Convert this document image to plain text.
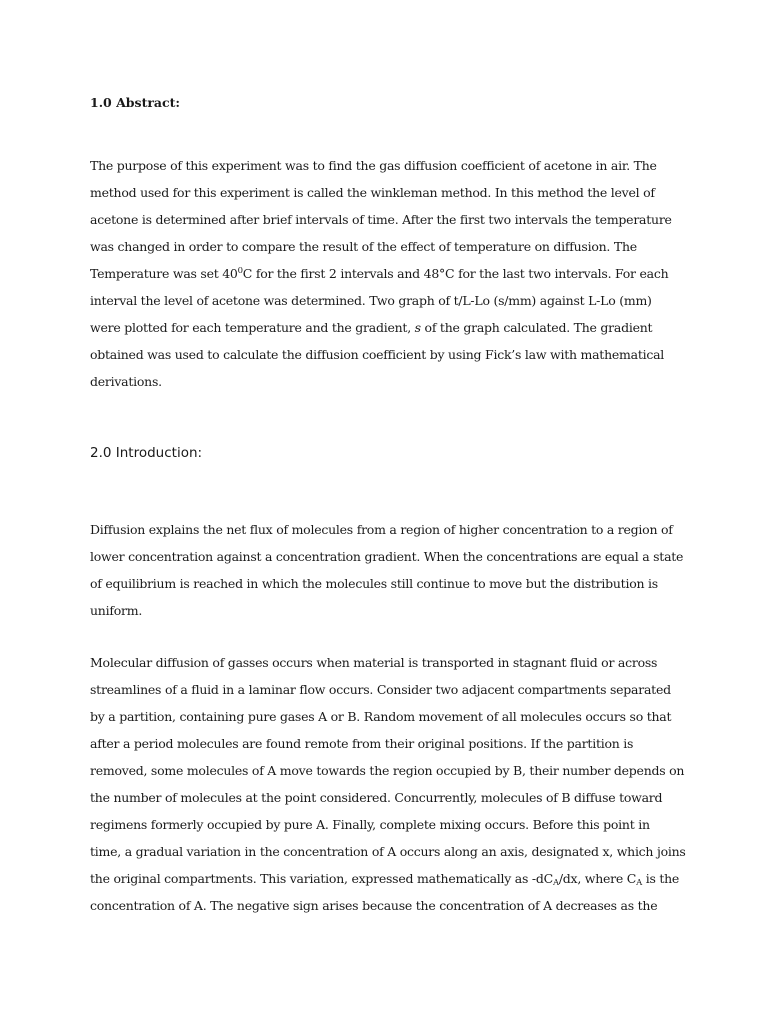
1.0 Abstract:
The purpose of this experiment was to find the gas diffusion coefficient of acetone in air. The
method used for this experiment is called the winkleman method. In this method the level of
acetone is determined after brief intervals of time. After the first two intervals the temperature
was changed in order to compare the result of the effect of temperature on diffusion. The
Temperature was set $40^0C$ for the first 2 intervals and 48°C for the last two intervals. For each
interval the level of acetone was determined. Two graph of t/L-Lo (s/mm) against L-Lo (mm)
were plotted for each temperature and the gradient, s of the graph calculated. The gradient
obtained was used to calculate the diffusion coefficient by using Fick’s law with mathematical
derivations.
2.0 Introduction:
Diffusion explains the net flux of molecules from a region of higher concentration to a region of
lower concentration against a concentration gradient. When the concentrations are equal a state
of equilibrium is reached in which the molecules still continue to move but the distribution is
uniform.
Molecular diffusion of gasses occurs when material is transported in stagnant fluid or across
streamlines of a fluid in a laminar flow occurs. Consider two adjacent compartments separated
by a partition, containing pure gases A or B. Random movement of all molecules occurs so that
after a period molecules are found remote from their original positions. If the partition is
removed, some molecules of A move towards the region occupied by B, their number depends on
the number of molecules at the point considered. Concurrently, molecules of B diffuse toward
regimens formerly occupied by pure A. Finally, complete mixing occurs. Before this point in
time, a gradual variation in the concentration of A occurs along an axis, designated x, which joins
the original compartments. This variation, expressed mathematically as $-dC_A/dx$, where $C_A$ is the
concentration of A. The negative sign arises because the concentration of A decreases as the
